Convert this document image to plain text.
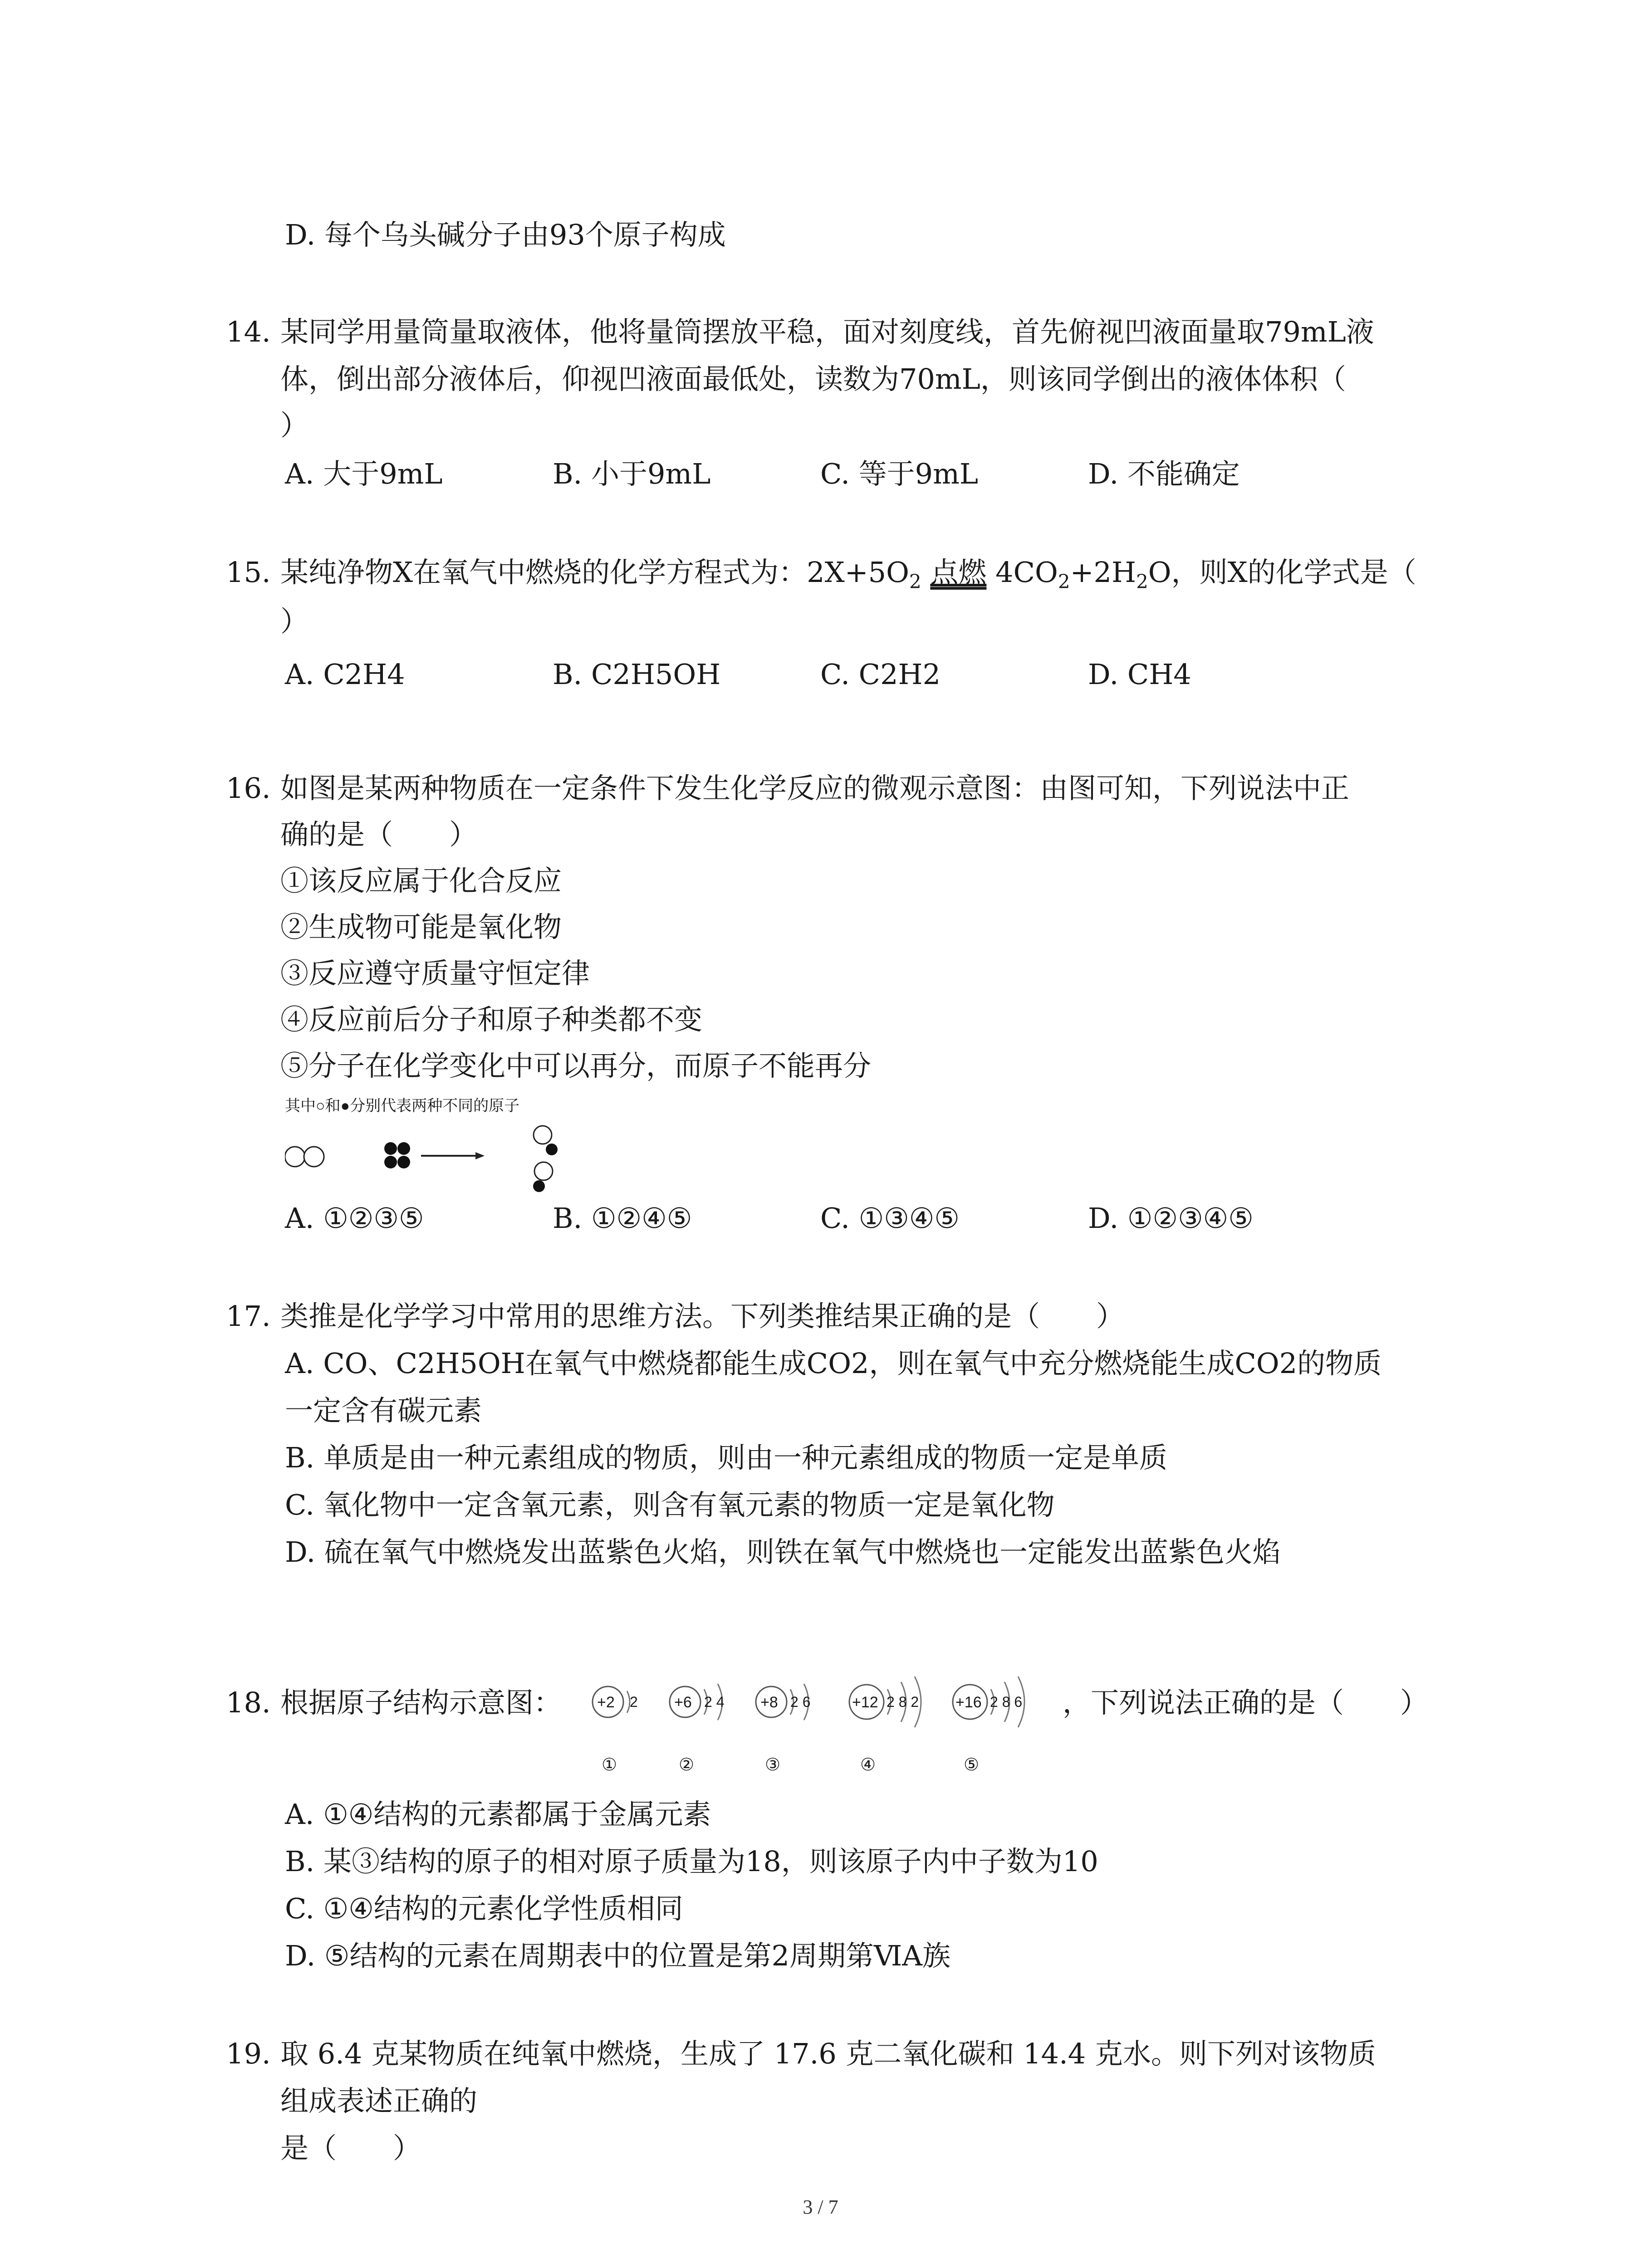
D. 每个乌头碱分子由93个原子构成
14. 某同学用量筒量取液体，他将量筒摆放平稳，面对刻度线，首先俯视凹液面量取79mL液
体，倒出部分液体后，仰视凹液面最低处，读数为70mL，则该同学倒出的液体体积（
）
A. 大于9mL	B. 小于9mL	C. 等于9mL	D. 不能确定
15. 某纯净物X在氧气中燃烧的化学方程式为：$2X+5O_2$ 点燃 $4CO_2+2H_2O$，则X的化学式是（
）
A. C2H4	B. C2H5OH	C. C2H2	D. CH4
16. 如图是某两种物质在一定条件下发生化学反应的微观示意图：由图可知，下列说法中正
确的是（　　）
①该反应属于化合反应
②生成物可能是氧化物
③反应遵守质量守恒定律
④反应前后分子和原子种类都不变
⑤分子在化学变化中可以再分，而原子不能再分
其中○和●分别代表两种不同的原子
A. ①②③⑤	B. ①②④⑤	C. ①③④⑤	D. ①②③④⑤
17. 类推是化学学习中常用的思维方法。下列类推结果正确的是（　　）
A. CO、C2H5OH在氧气中燃烧都能生成CO2，则在氧气中充分燃烧能生成CO2的物质
一定含有碳元素
B. 单质是由一种元素组成的物质，则由一种元素组成的物质一定是单质
C. 氧化物中一定含氧元素，则含有氧元素的物质一定是氧化物
D. 硫在氧气中燃烧发出蓝紫色火焰，则铁在氧气中燃烧也一定能发出蓝紫色火焰
18. 根据原子结构示意图： +2 2
①
+6 2 4
②
+8 2 6
③
+12 2 8 2
④
+16 2 8 6
⑤
，下列说法正确的是（　　）
A. ①④结构的元素都属于金属元素
B. 某③结构的原子的相对原子质量为18，则该原子内中子数为10
C. ①④结构的元素化学性质相同
D. ⑤结构的元素在周期表中的位置是第2周期第ⅥA族
19. 取 6.4 克某物质在纯氧中燃烧，生成了 17.6 克二氧化碳和 14.4 克水。则下列对该物质
组成表述正确的
是（　　）
3 / 7
